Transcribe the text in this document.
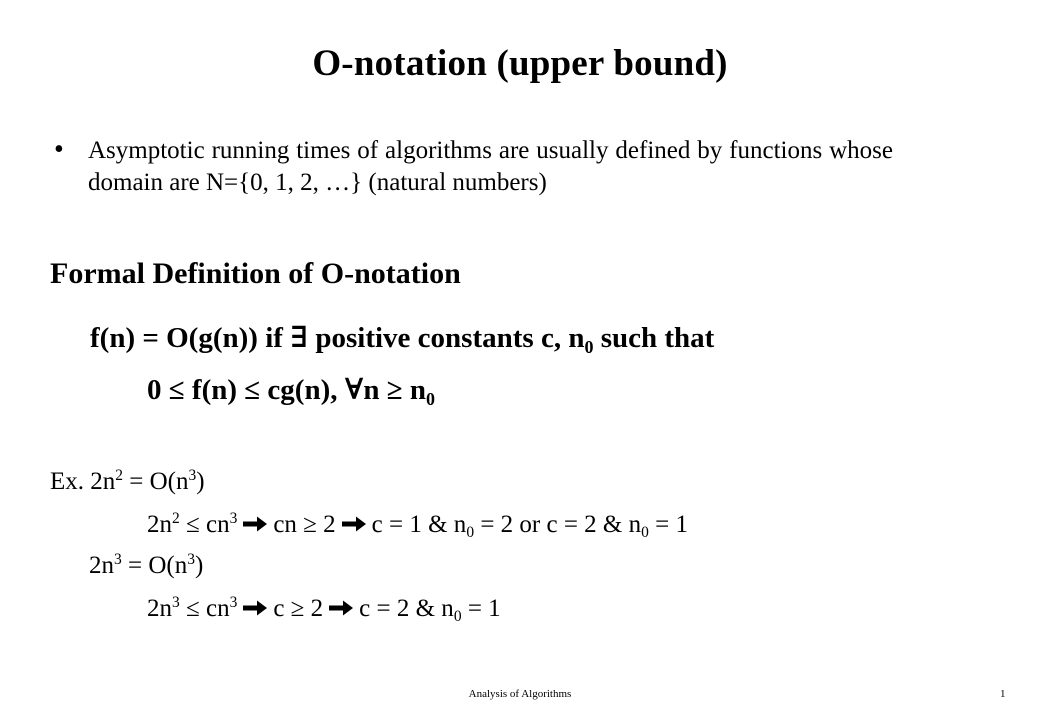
O-notation (upper bound)
• Asymptotic running times of algorithms are usually defined by functions whose domain are N={0, 1, 2, …} (natural numbers)
Formal Definition of O-notation
f(n) = O(g(n)) if ∃ positive constants c, $n_0$ such that
0 ≤ f(n) ≤ cg(n), ∀n ≥ $n_0$
Ex. $2n^2 = O(n^3)$
$2n^2 \le cn^3$ cn ≥ 2 c = 1 & $n_0 = 2$ or c = 2 & $n_0 = 1$
$2n^3 = O(n^3)$
$2n^3 \le cn^3$ c ≥ 2 c = 2 & $n_0 = 1$
Analysis of Algorithms	1
